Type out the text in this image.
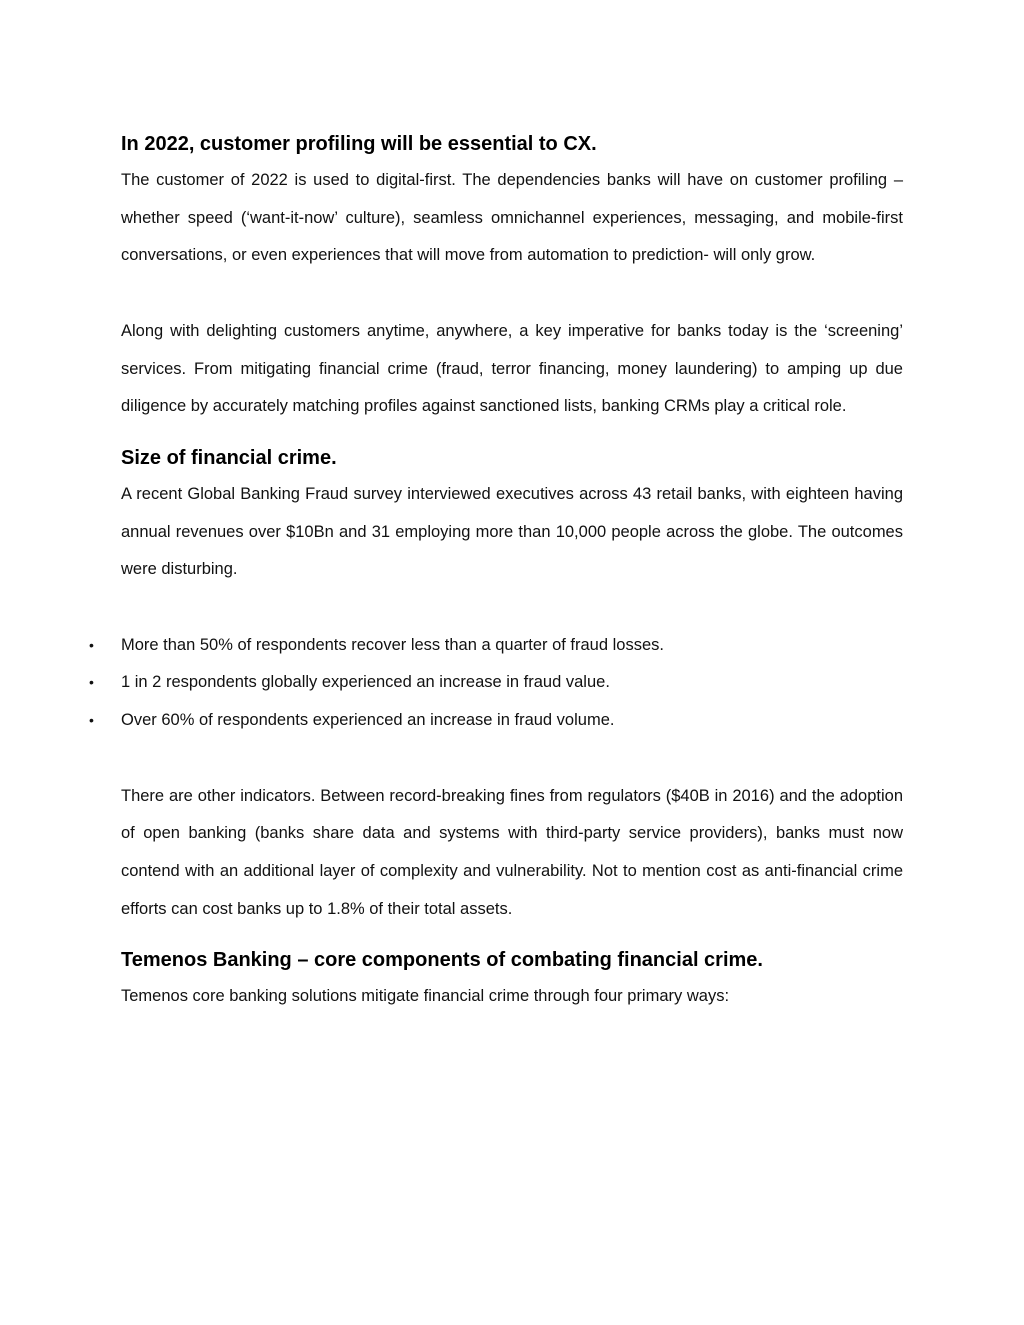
In 2022, customer profiling will be essential to CX.

The customer of 2022 is used to digital-first. The dependencies banks will have on customer profiling – whether speed (‘want-it-now’ culture), seamless omnichannel experiences, messaging, and mobile-first conversations, or even experiences that will move from automation to prediction- will only grow.

Along with delighting customers anytime, anywhere, a key imperative for banks today is the ‘screening’ services. From mitigating financial crime (fraud, terror financing, money laundering) to amping up due diligence by accurately matching profiles against sanctioned lists, banking CRMs play a critical role.

Size of financial crime.

A recent Global Banking Fraud survey interviewed executives across 43 retail banks, with eighteen having annual revenues over $10Bn and 31 employing more than 10,000 people across the globe. The outcomes were disturbing.

• More than 50% of respondents recover less than a quarter of fraud losses.
• 1 in 2 respondents globally experienced an increase in fraud value.
• Over 60% of respondents experienced an increase in fraud volume.

There are other indicators. Between record-breaking fines from regulators ($40B in 2016) and the adoption of open banking (banks share data and systems with third-party service providers), banks must now contend with an additional layer of complexity and vulnerability. Not to mention cost as anti-financial crime efforts can cost banks up to 1.8% of their total assets.

Temenos Banking – core components of combating financial crime.

Temenos core banking solutions mitigate financial crime through four primary ways:
